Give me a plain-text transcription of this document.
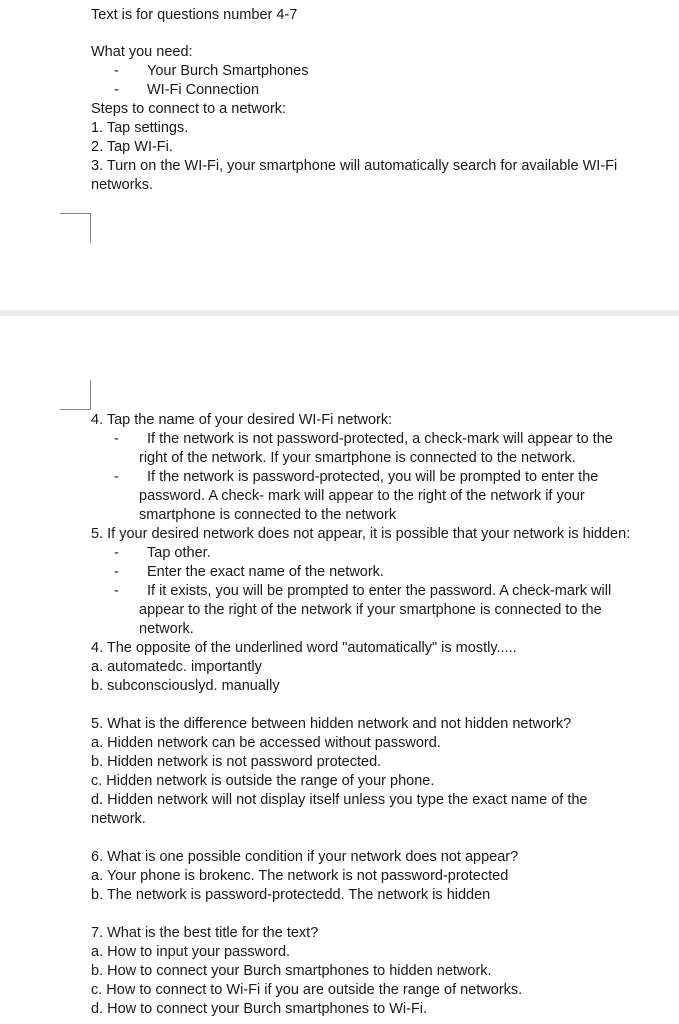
Text is for questions number 4-7
What you need:
- Your Burch Smartphones
- WI-Fi Connection
Steps to connect to a network:
1. Tap settings.
2. Tap WI-Fi.
3. Turn on the WI-Fi, your smartphone will automatically search for available WI-Fi
networks.
4. Tap the name of your desired WI-Fi network:
- If the network is not password-protected, a check-mark will appear to the
right of the network. If your smartphone is connected to the network.
- If the network is password-protected, you will be prompted to enter the
password. A check- mark will appear to the right of the network if your
smartphone is connected to the network
5. If your desired network does not appear, it is possible that your network is hidden:
- Tap other.
- Enter the exact name of the network.
- If it exists, you will be prompted to enter the password. A check-mark will
appear to the right of the network if your smartphone is connected to the
network.
4. The opposite of the underlined word "automatically" is mostly.....
a. automatedc. importantly
b. subconsciouslyd. manually
5. What is the difference between hidden network and not hidden network?
a. Hidden network can be accessed without password.
b. Hidden network is not password protected.
c. Hidden network is outside the range of your phone.
d. Hidden network will not display itself unless you type the exact name of the
network.
6. What is one possible condition if your network does not appear?
a. Your phone is brokenc. The network is not password-protected
b. The network is password-protectedd. The network is hidden
7. What is the best title for the text?
a. How to input your password.
b. How to connect your Burch smartphones to hidden network.
c. How to connect to Wi-Fi if you are outside the range of networks.
d. How to connect your Burch smartphones to Wi-Fi.
